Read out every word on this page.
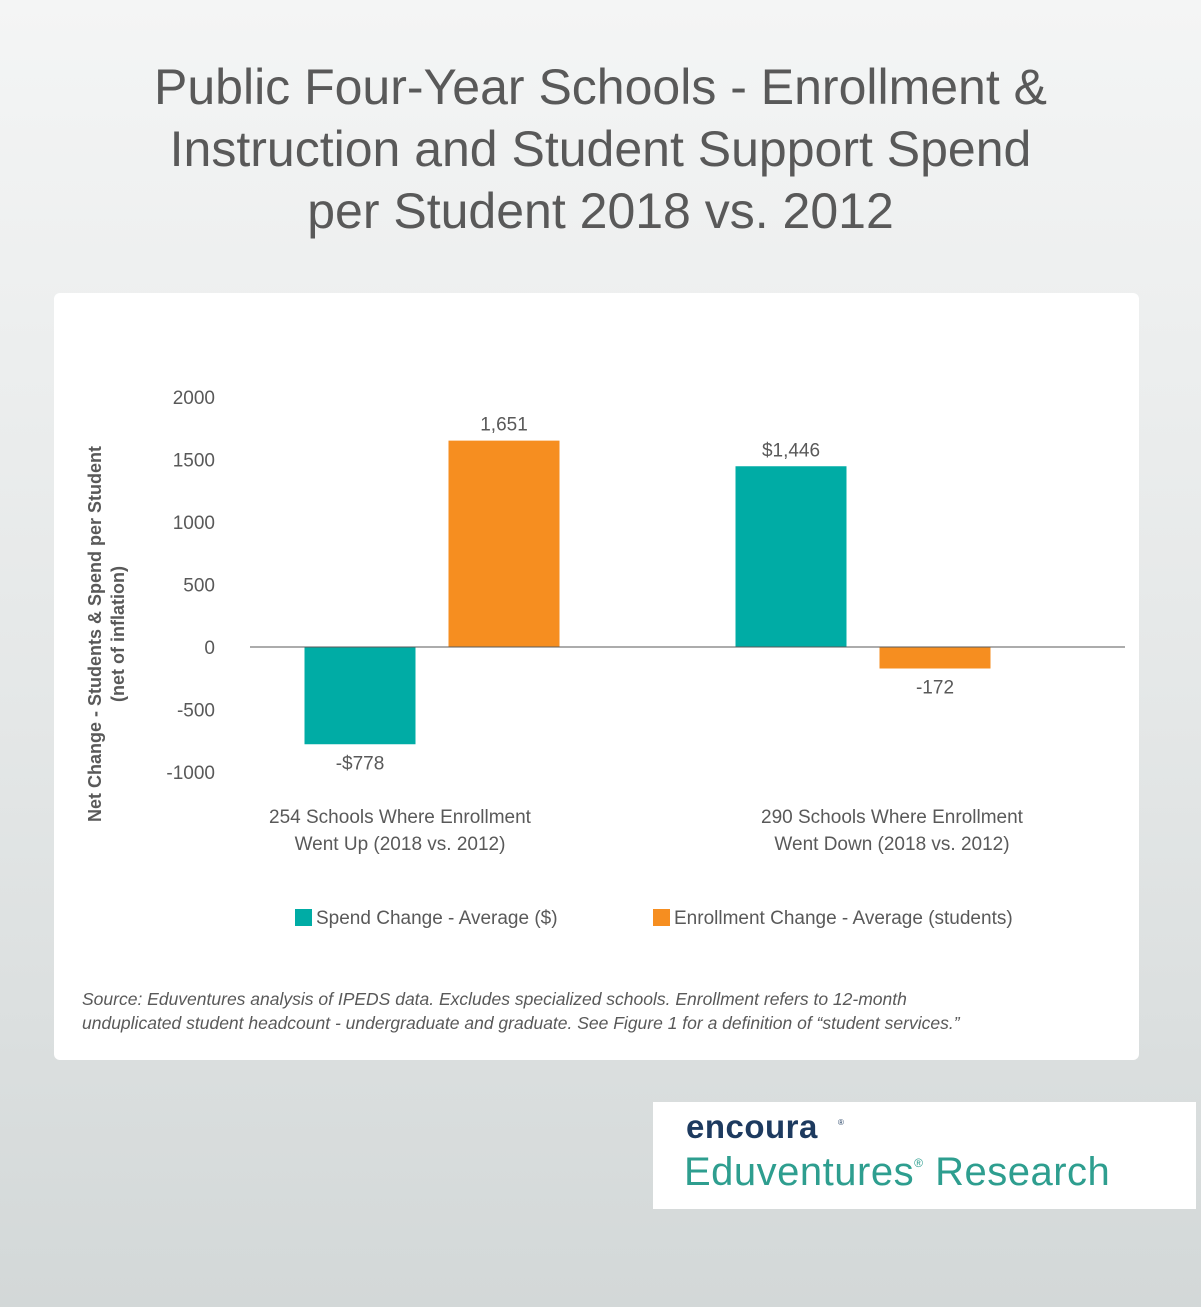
Public Four-Year Schools - Enrollment &
Instruction and Student Support Spend
per Student 2018 vs. 2012
Net Change - Students & Spend per Student (net of inflation)
2000
1500
1000
500
0
-500
-1000	-$778
$1,446
1,651
-172
254 Schools Where Enrollment
Went Up (2018 vs. 2012)
290 Schools Where Enrollment
Went Down (2018 vs. 2012)
Spend Change - Average ($)	Enrollment Change - Average (students)
Source: Eduventures analysis of IPEDS data. Excludes specialized schools. Enrollment refers to 12-month
unduplicated student headcount - undergraduate and graduate. See Figure 1 for a definition of “student services.”
encoura	®
Eduventures® Research
